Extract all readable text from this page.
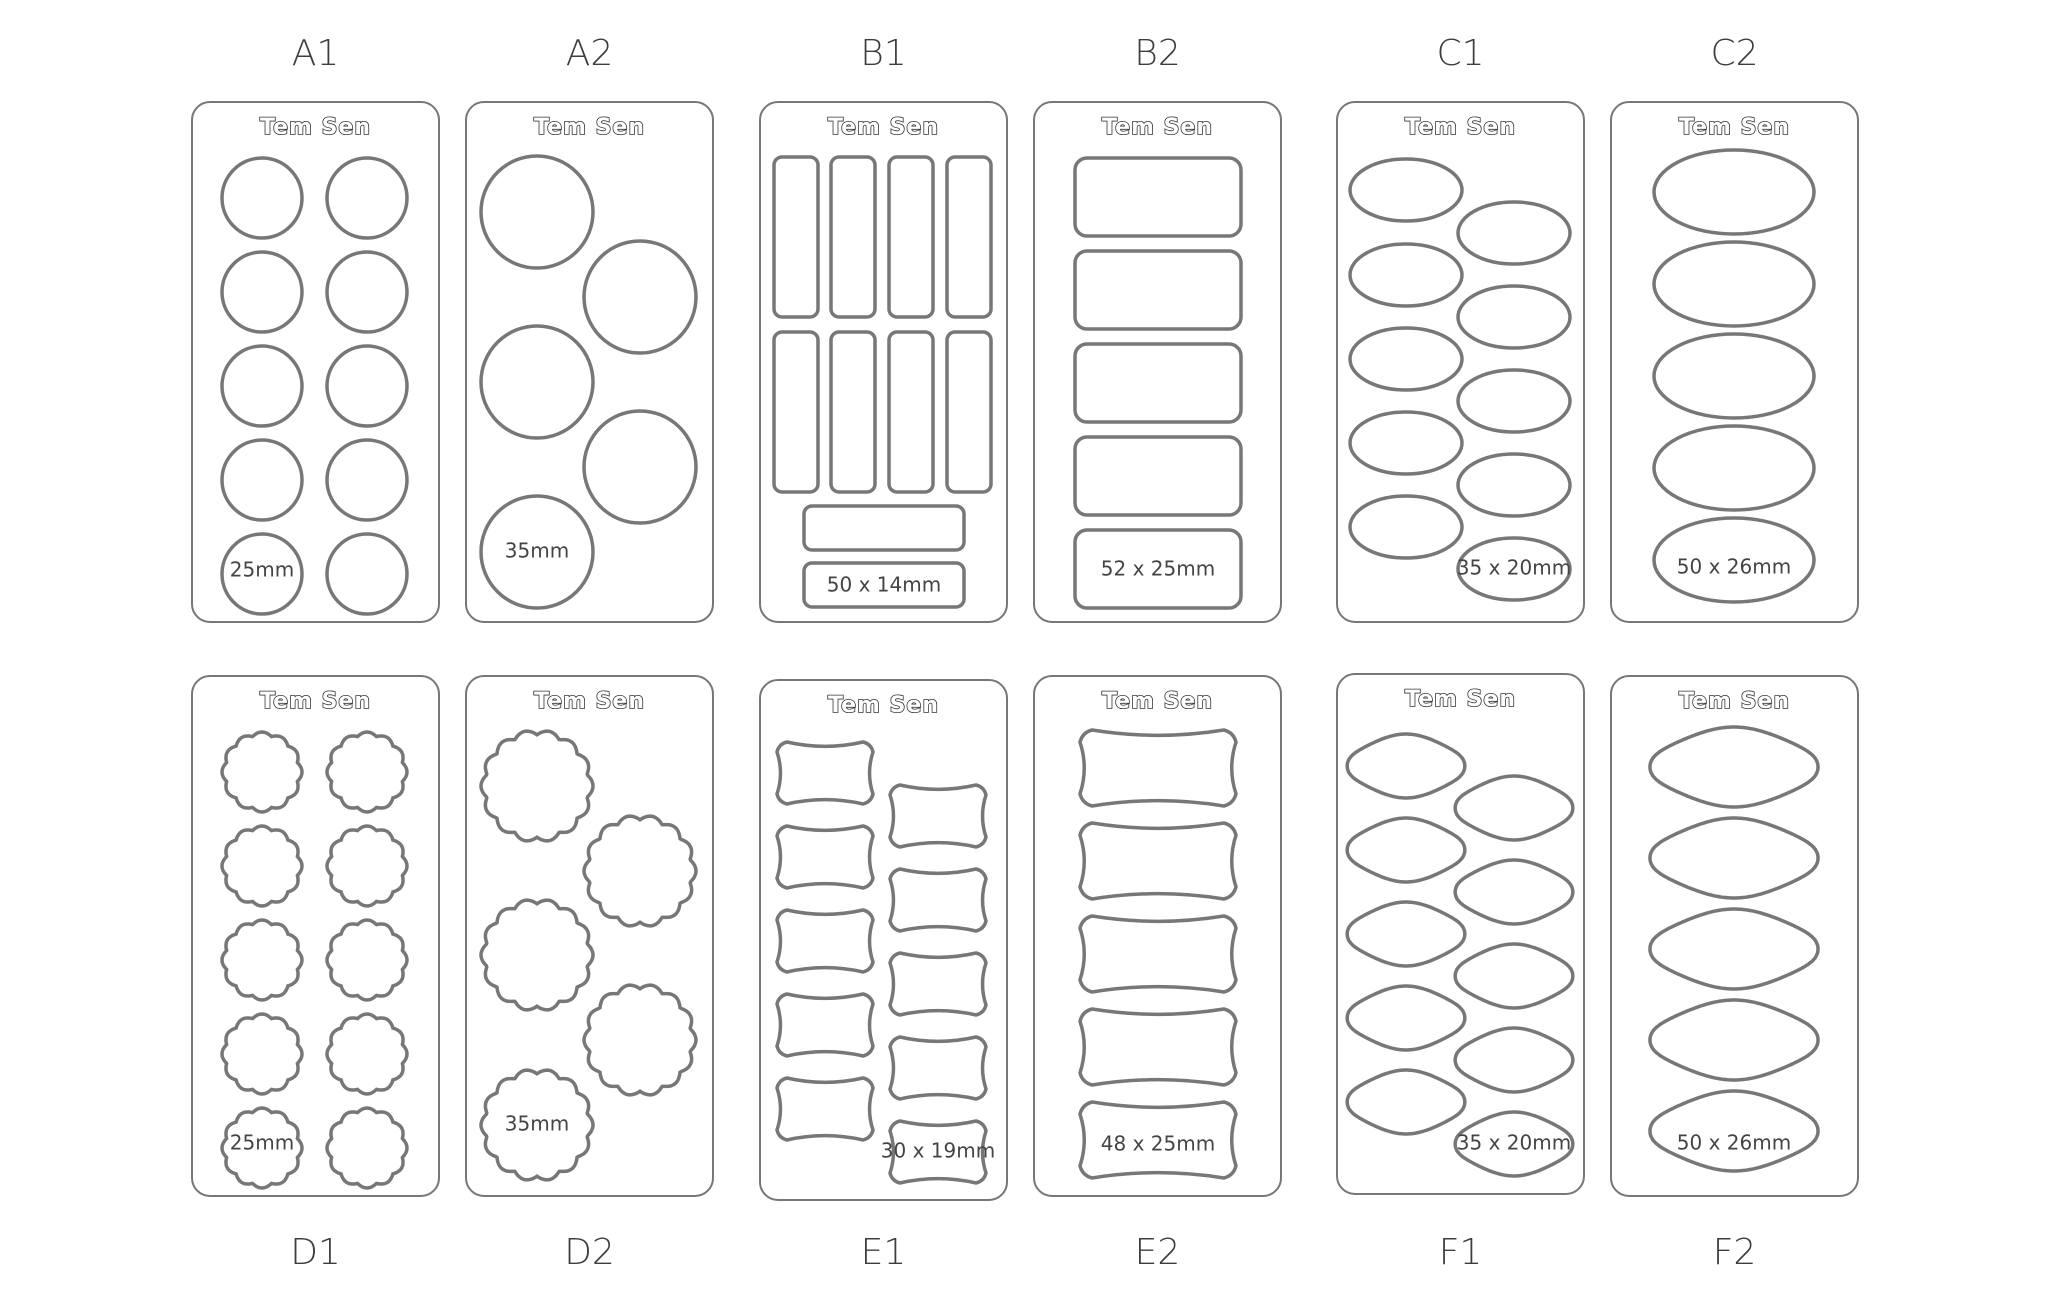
A1
Tem Sen
25mm
A2
Tem Sen
35mm
B1
Tem Sen
50 x 14mm
B2
Tem Sen
52 x 25mm
C1
Tem Sen
35 x 20mm
C2
Tem Sen
50 x 26mm
D1
Tem Sen
25mm
D2
Tem Sen
35mm
E1
Tem Sen
30 x 19mm
E2
Tem Sen
48 x 25mm
F1
Tem Sen
35 x 20mm
F2
Tem Sen
50 x 26mm
